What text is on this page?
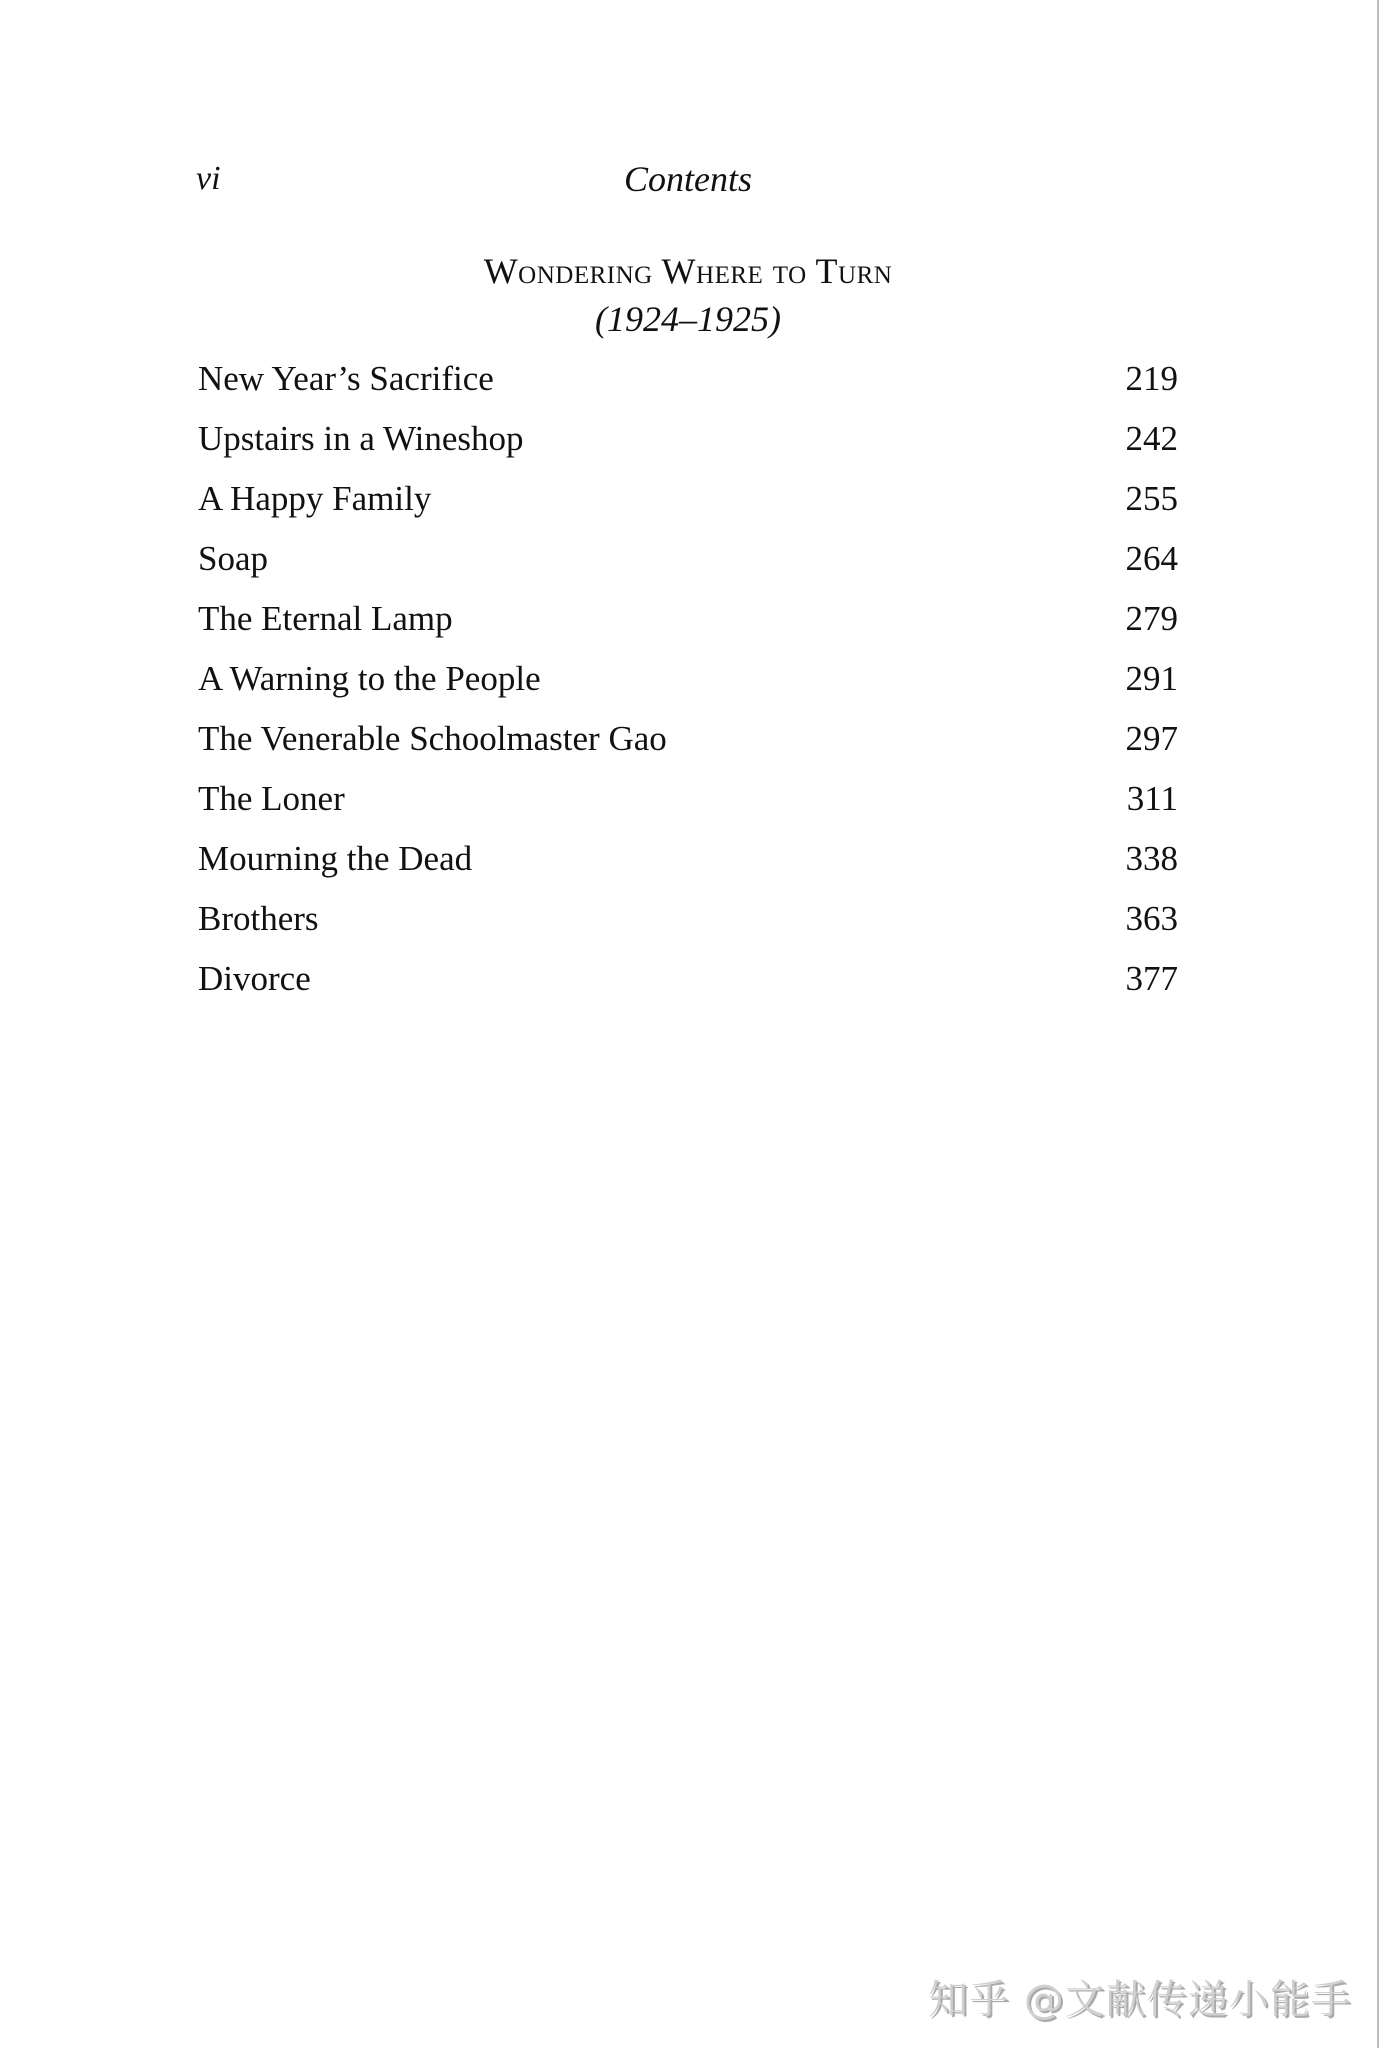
vi	Contents
Wondering Where to Turn
(1924–1925)
New Year’s Sacrifice	219
Upstairs in a Wineshop	242
A Happy Family	255
Soap	264
The Eternal Lamp	279
A Warning to the People	291
The Venerable Schoolmaster Gao	297
The Loner	311
Mourning the Dead	338
Brothers	363
Divorce	377
知乎 @文献传递小能手
